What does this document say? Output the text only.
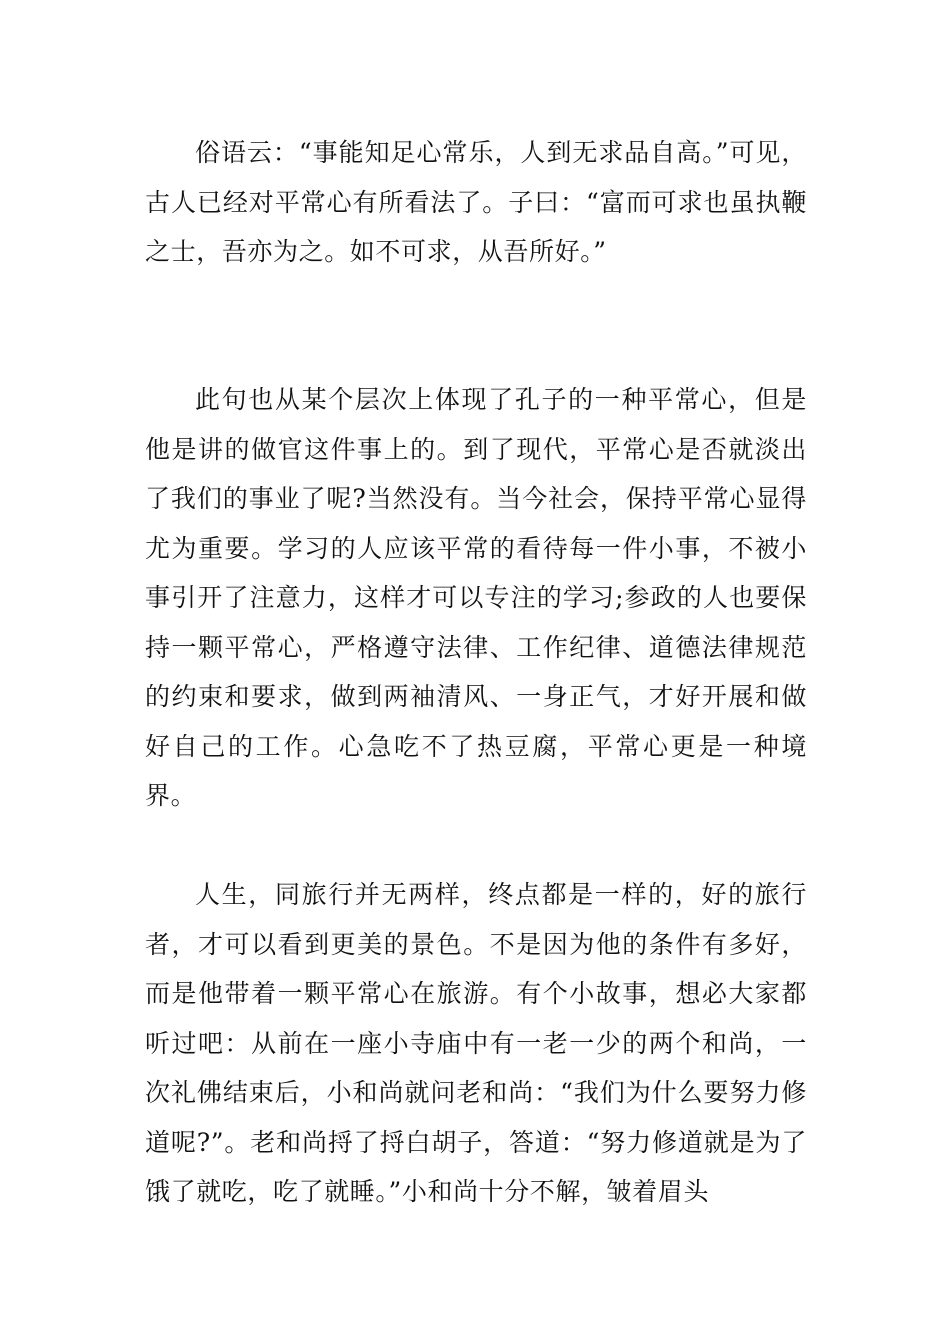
俗语云：“事能知足心常乐，人到无求品自高。”可见，古人已经对平常心有所看法了。子曰：“富而可求也虽执鞭之士，吾亦为之。如不可求，从吾所好。”

此句也从某个层次上体现了孔子的一种平常心，但是他是讲的做官这件事上的。到了现代，平常心是否就淡出了我们的事业了呢?当然没有。当今社会，保持平常心显得尤为重要。学习的人应该平常的看待每一件小事，不被小事引开了注意力，这样才可以专注的学习;参政的人也要保持一颗平常心，严格遵守法律、工作纪律、道德法律规范的约束和要求，做到两袖清风、一身正气，才好开展和做好自己的工作。心急吃不了热豆腐，平常心更是一种境界。

人生，同旅行并无两样，终点都是一样的，好的旅行者，才可以看到更美的景色。不是因为他的条件有多好，而是他带着一颗平常心在旅游。有个小故事，想必大家都听过吧：从前在一座小寺庙中有一老一少的两个和尚，一次礼佛结束后，小和尚就问老和尚：“我们为什么要努力修道呢?”。老和尚捋了捋白胡子，答道：“努力修道就是为了饿了就吃，吃了就睡。”小和尚十分不解，皱着眉头
